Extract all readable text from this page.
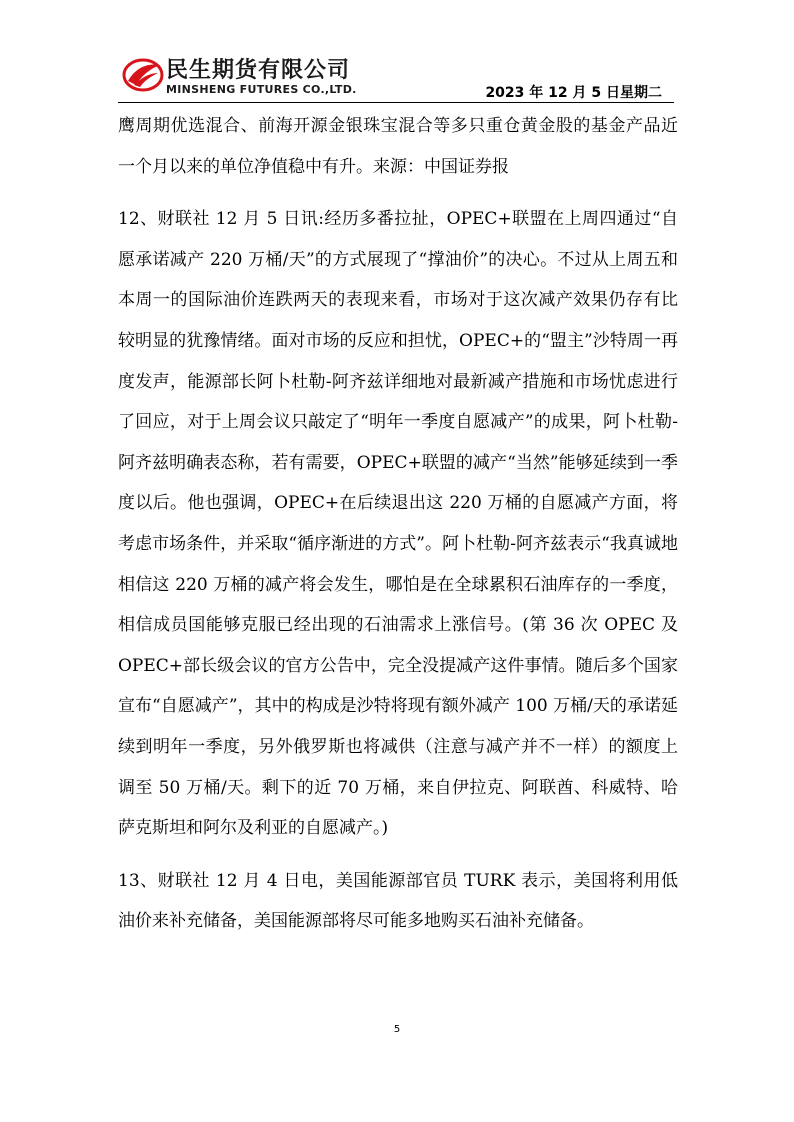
民生期货有限公司
MINSHENG FUTURES CO.,LTD.	2023 年 12 月 5 日星期二

鹰周期优选混合、前海开源金银珠宝混合等多只重仓黄金股的基金产品近一个月以来的单位净值稳中有升。来源：中国证券报

12、财联社 12 月 5 日讯:经历多番拉扯，OPEC+联盟在上周四通过“自愿承诺减产 220 万桶/天”的方式展现了“撑油价”的决心。不过从上周五和本周一的国际油价连跌两天的表现来看，市场对于这次减产效果仍存有比较明显的犹豫情绪。面对市场的反应和担忧，OPEC+的“盟主”沙特周一再度发声，能源部长阿卜杜勒-阿齐兹详细地对最新减产措施和市场忧虑进行了回应，对于上周会议只敲定了“明年一季度自愿减产”的成果，阿卜杜勒-阿齐兹明确表态称，若有需要，OPEC+联盟的减产“当然”能够延续到一季度以后。他也强调，OPEC+在后续退出这 220 万桶的自愿减产方面，将考虑市场条件，并采取“循序渐进的方式”。阿卜杜勒-阿齐兹表示“我真诚地相信这 220 万桶的减产将会发生，哪怕是在全球累积石油库存的一季度，相信成员国能够克服已经出现的石油需求上涨信号。(第 36 次 OPEC 及 OPEC+部长级会议的官方公告中，完全没提减产这件事情。随后多个国家宣布“自愿减产”，其中的构成是沙特将现有额外减产 100 万桶/天的承诺延续到明年一季度，另外俄罗斯也将减供（注意与减产并不一样）的额度上调至 50 万桶/天。剩下的近 70 万桶，来自伊拉克、阿联酋、科威特、哈萨克斯坦和阿尔及利亚的自愿减产。)

13、财联社 12 月 4 日电，美国能源部官员 TURK 表示，美国将利用低油价来补充储备，美国能源部将尽可能多地购买石油补充储备。

5
